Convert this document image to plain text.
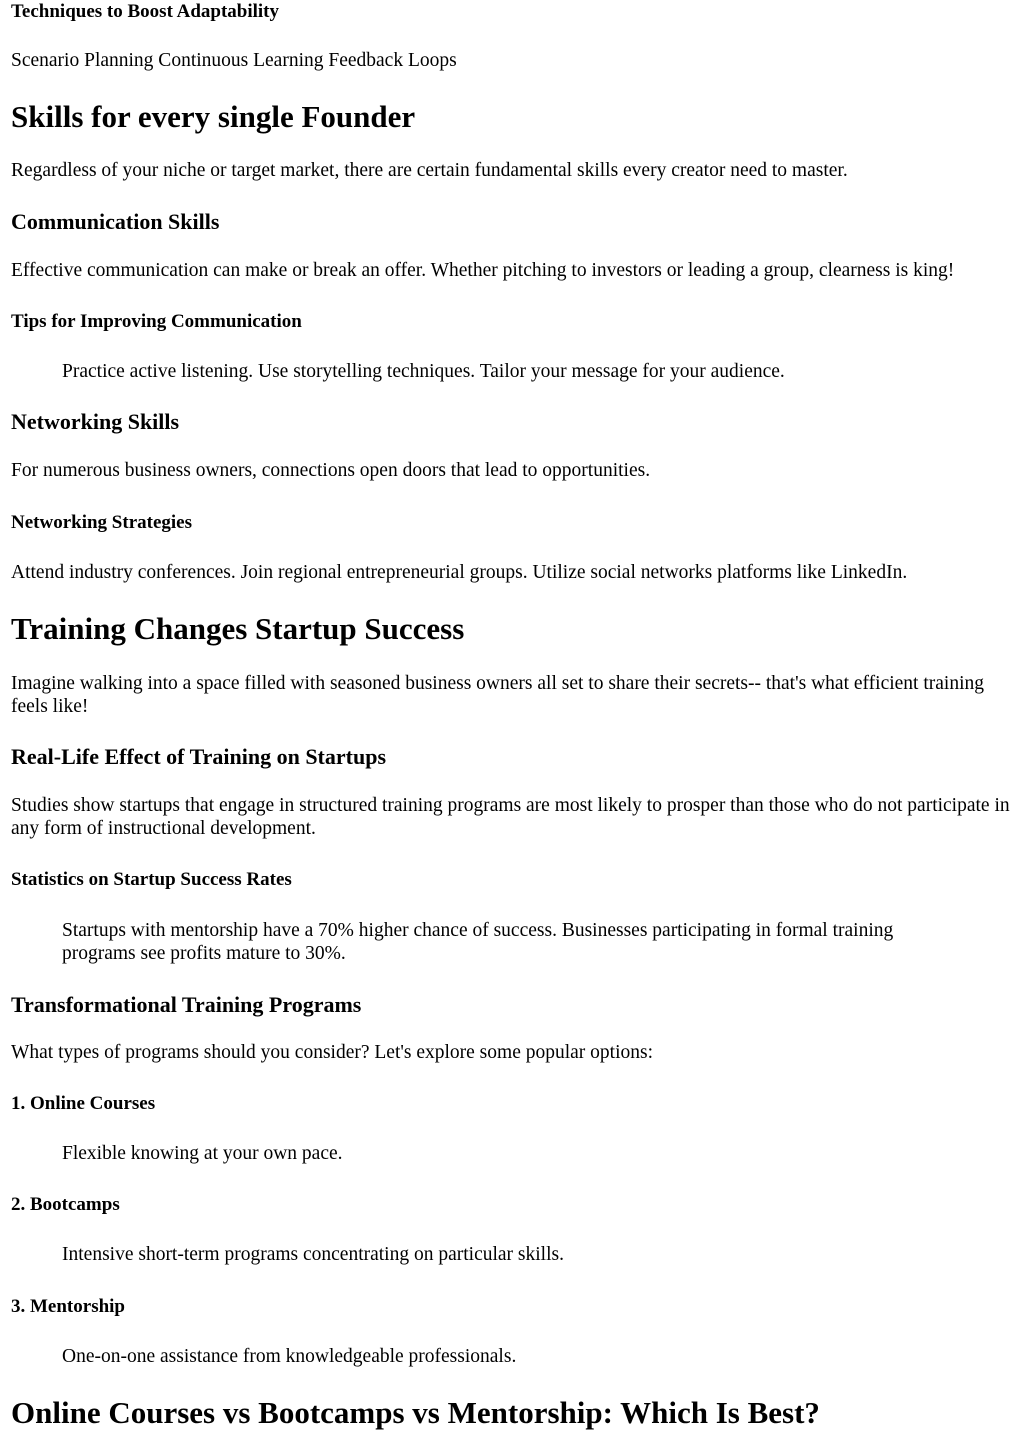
Techniques to Boost Adaptability

Scenario Planning Continuous Learning Feedback Loops

Skills for every single Founder

Regardless of your niche or target market, there are certain fundamental skills every creator need to master.

Communication Skills

Effective communication can make or break an offer. Whether pitching to investors or leading a group, clearness is king!

Tips for Improving Communication

Practice active listening. Use storytelling techniques. Tailor your message for your audience.

Networking Skills

For numerous business owners, connections open doors that lead to opportunities.

Networking Strategies

Attend industry conferences. Join regional entrepreneurial groups. Utilize social networks platforms like LinkedIn.

Training Changes Startup Success

Imagine walking into a space filled with seasoned business owners all set to share their secrets-- that's what efficient training feels like!

Real-Life Effect of Training on Startups

Studies show startups that engage in structured training programs are most likely to prosper than those who do not participate in any form of instructional development.

Statistics on Startup Success Rates

Startups with mentorship have a 70% higher chance of success. Businesses participating in formal training programs see profits mature to 30%.

Transformational Training Programs

What types of programs should you consider? Let's explore some popular options:

1. Online Courses

Flexible knowing at your own pace.

2. Bootcamps

Intensive short-term programs concentrating on particular skills.

3. Mentorship

One-on-one assistance from knowledgeable professionals.

Online Courses vs Bootcamps vs Mentorship: Which Is Best?
